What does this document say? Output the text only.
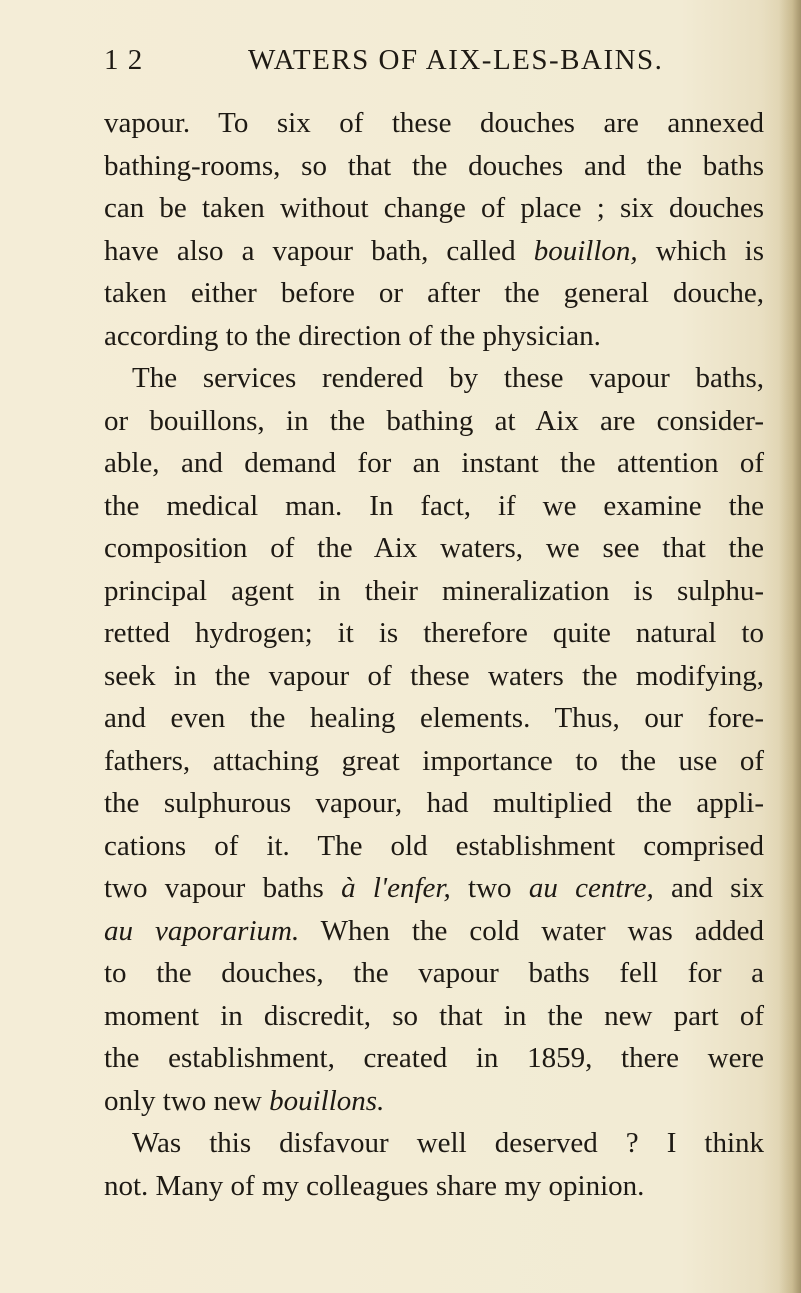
1 2	WATERS OF AIX-LES-BAINS.
vapour. To six of these douches are annexed
bathing-rooms, so that the douches and the baths
can be taken without change of place ; six douches
have also a vapour bath, called bouillon, which is
taken either before or after the general douche,
according to the direction of the physician.
The services rendered by these vapour baths,
or bouillons, in the bathing at Aix are consider-
able, and demand for an instant the attention of
the medical man. In fact, if we examine the
composition of the Aix waters, we see that the
principal agent in their mineralization is sulphu-
retted hydrogen; it is therefore quite natural to
seek in the vapour of these waters the modifying,
and even the healing elements. Thus, our fore-
fathers, attaching great importance to the use of
the sulphurous vapour, had multiplied the appli-
cations of it. The old establishment comprised
two vapour baths à l'enfer, two au centre, and six
au vaporarium. When the cold water was added
to the douches, the vapour baths fell for a
moment in discredit, so that in the new part of
the establishment, created in 1859, there were
only two new bouillons.
Was this disfavour well deserved ? I think
not. Many of my colleagues share my opinion.
